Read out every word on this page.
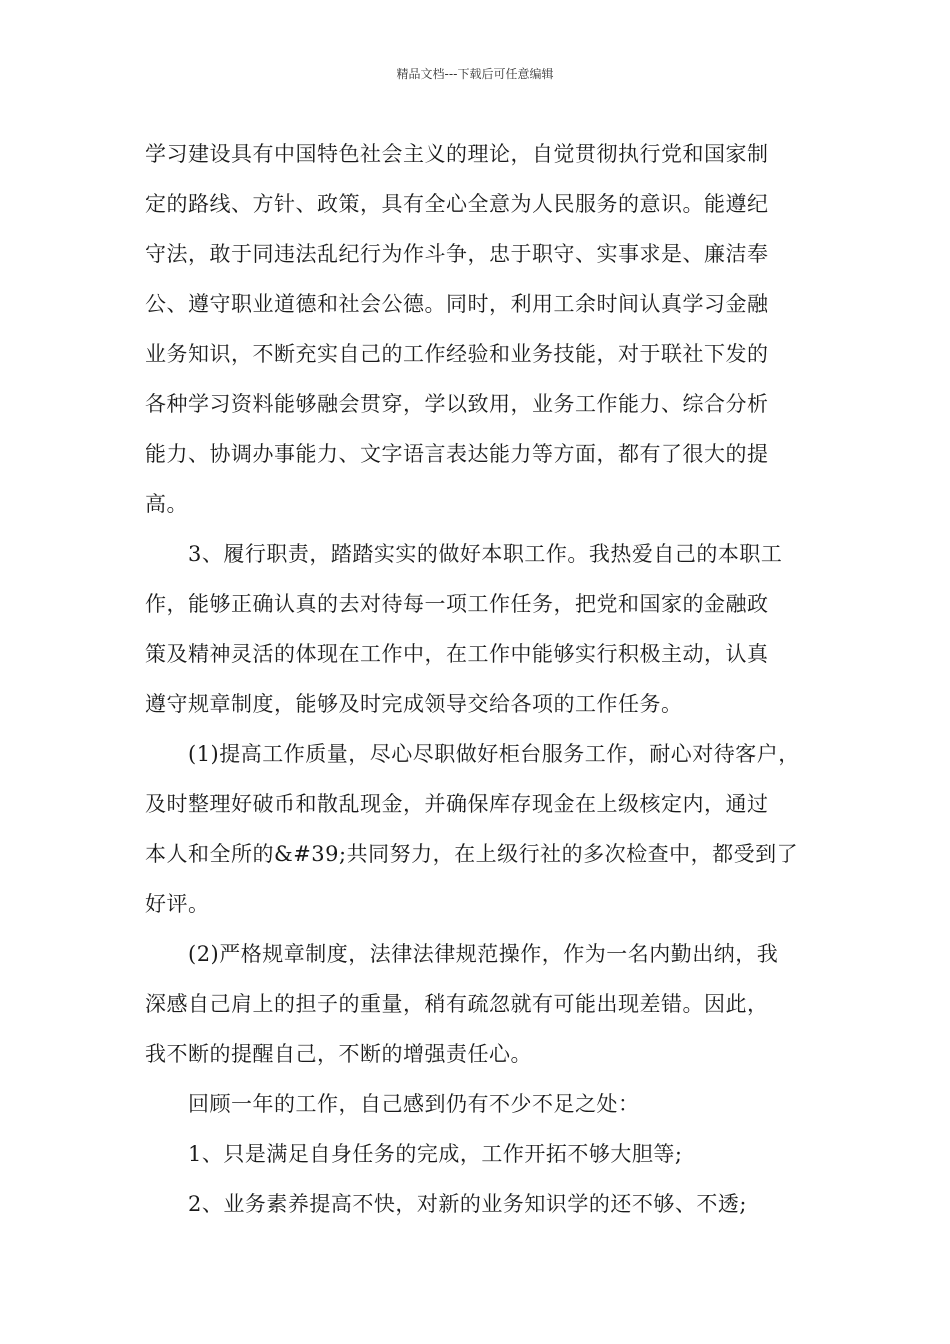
精品文档---下载后可任意编辑
学习建设具有中国特色社会主义的理论，自觉贯彻执行党和国家制
定的路线、方针、政策，具有全心全意为人民服务的意识。能遵纪
守法，敢于同违法乱纪行为作斗争，忠于职守、实事求是、廉洁奉
公、遵守职业道德和社会公德。同时，利用工余时间认真学习金融
业务知识，不断充实自己的工作经验和业务技能，对于联社下发的
各种学习资料能够融会贯穿，学以致用，业务工作能力、综合分析
能力、协调办事能力、文字语言表达能力等方面，都有了很大的提
高。
3、履行职责，踏踏实实的做好本职工作。我热爱自己的本职工
作，能够正确认真的去对待每一项工作任务，把党和国家的金融政
策及精神灵活的体现在工作中，在工作中能够实行积极主动，认真
遵守规章制度，能够及时完成领导交给各项的工作任务。
(1)提高工作质量，尽心尽职做好柜台服务工作，耐心对待客户，
及时整理好破币和散乱现金，并确保库存现金在上级核定内，通过
本人和全所的&#39;共同努力，在上级行社的多次检查中，都受到了
好评。
(2)严格规章制度，法律法律规范操作，作为一名内勤出纳，我
深感自己肩上的担子的重量，稍有疏忽就有可能出现差错。因此，
我不断的提醒自己，不断的增强责任心。
回顾一年的工作，自己感到仍有不少不足之处：
1、只是满足自身任务的完成，工作开拓不够大胆等;
2、业务素养提高不快，对新的业务知识学的还不够、不透;
